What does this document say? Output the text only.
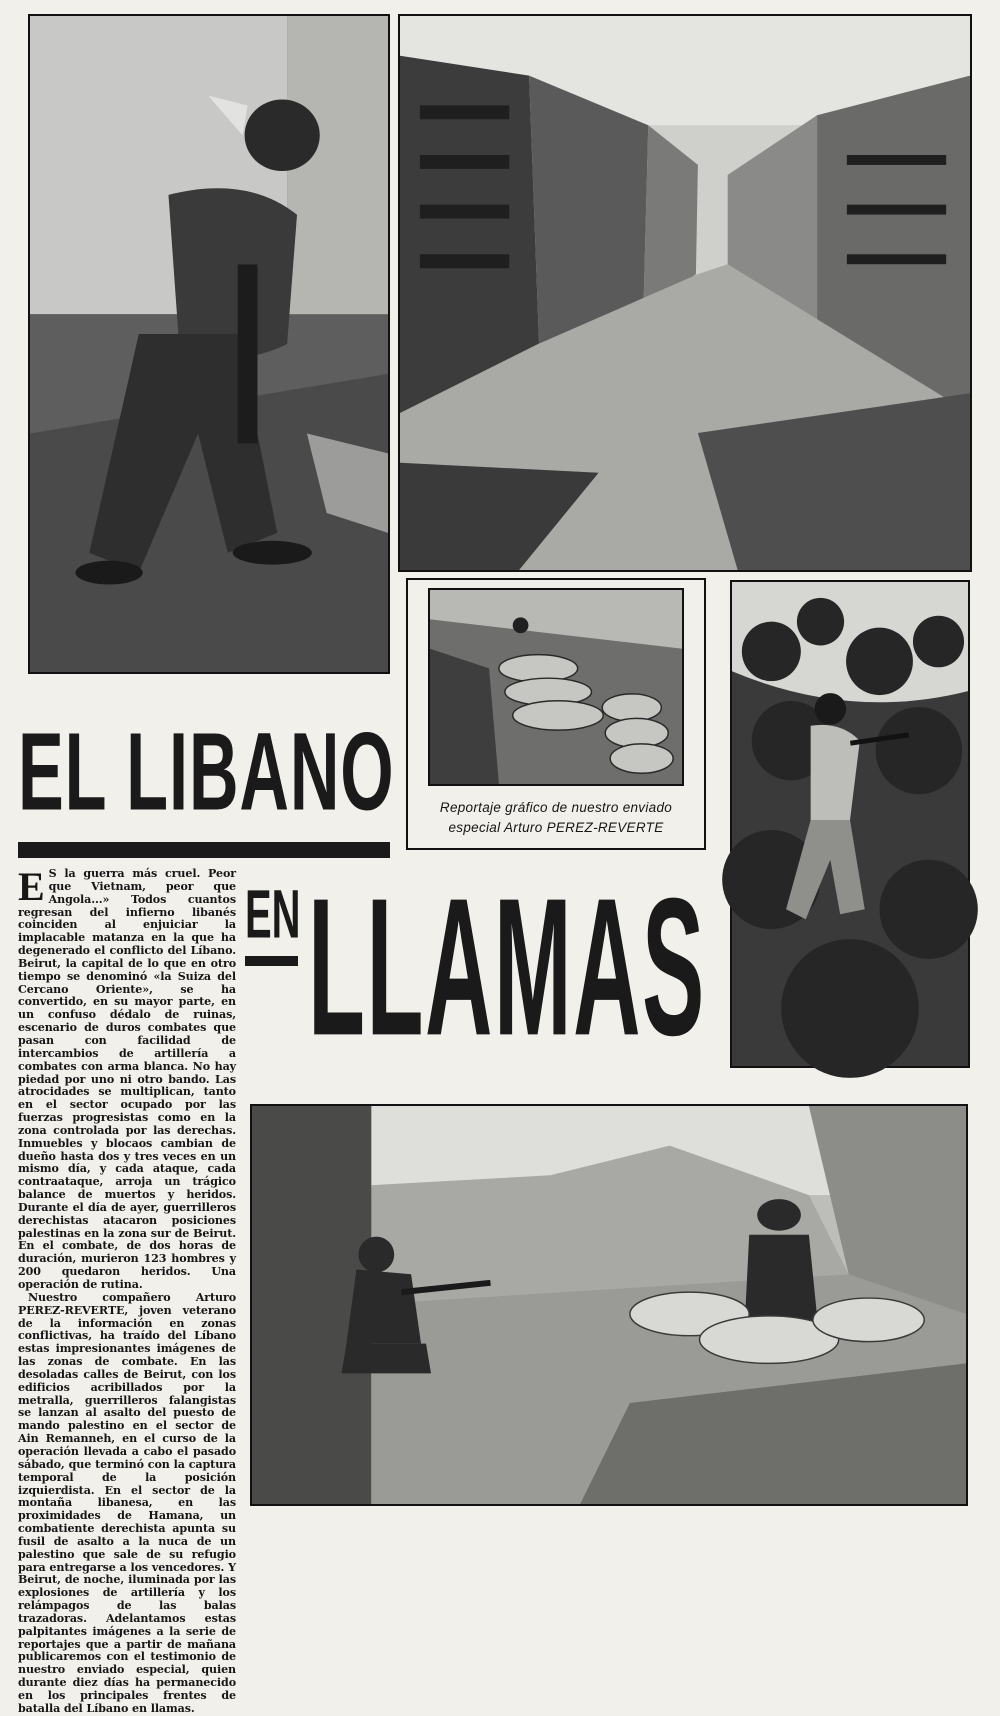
Reportaje gráfico de nuestro enviado
especial Arturo PEREZ-REVERTE
EL LIBANO
EN LLAMAS

E S la guerra más cruel. Peor que Vietnam, peor que Angola...» Todos cuantos regresan del infierno libanés coinciden al enjuiciar la implacable matanza en la que ha degenerado el conflicto del Líbano. Beirut, la capital de lo que en otro tiempo se denominó «la Suiza del Cercano Oriente», se ha convertido, en su mayor parte, en un confuso dédalo de ruinas, escenario de duros combates que pasan con facilidad de intercambios de artillería a combates con arma blanca. No hay piedad por uno ni otro bando. Las atrocidades se multiplican, tanto en el sector ocupado por las fuerzas progresistas como en la zona controlada por las derechas. Inmuebles y blocaos cambian de dueño hasta dos y tres veces en un mismo día, y cada ataque, cada contraataque, arroja un trágico balance de muertos y heridos. Durante el día de ayer, guerrilleros derechistas atacaron posiciones palestinas en la zona sur de Beirut. En el combate, de dos horas de duración, murieron 123 hombres y 200 quedaron heridos. Una operación de rutina.

Nuestro compañero Arturo PEREZ-REVERTE, joven veterano de la información en zonas conflictivas, ha traído del Líbano estas impresionantes imágenes de las zonas de combate. En las desoladas calles de Beirut, con los edificios acribillados por la metralla, guerrilleros falangistas se lanzan al asalto del puesto de mando palestino en el sector de Ain Remanneh, en el curso de la operación llevada a cabo el pasado sábado, que terminó con la captura temporal de la posición izquierdista. En el sector de la montaña libanesa, en las proximidades de Hamana, un combatiente derechista apunta su fusil de asalto a la nuca de un palestino que sale de su refugio para entregarse a los vencedores. Y Beirut, de noche, iluminada por las explosiones de artillería y los relámpagos de las balas trazadoras. Adelantamos estas palpitantes imágenes a la serie de reportajes que a partir de mañana publicaremos con el testimonio de nuestro enviado especial, quien durante diez días ha permanecido en los principales frentes de batalla del Líbano en llamas.
